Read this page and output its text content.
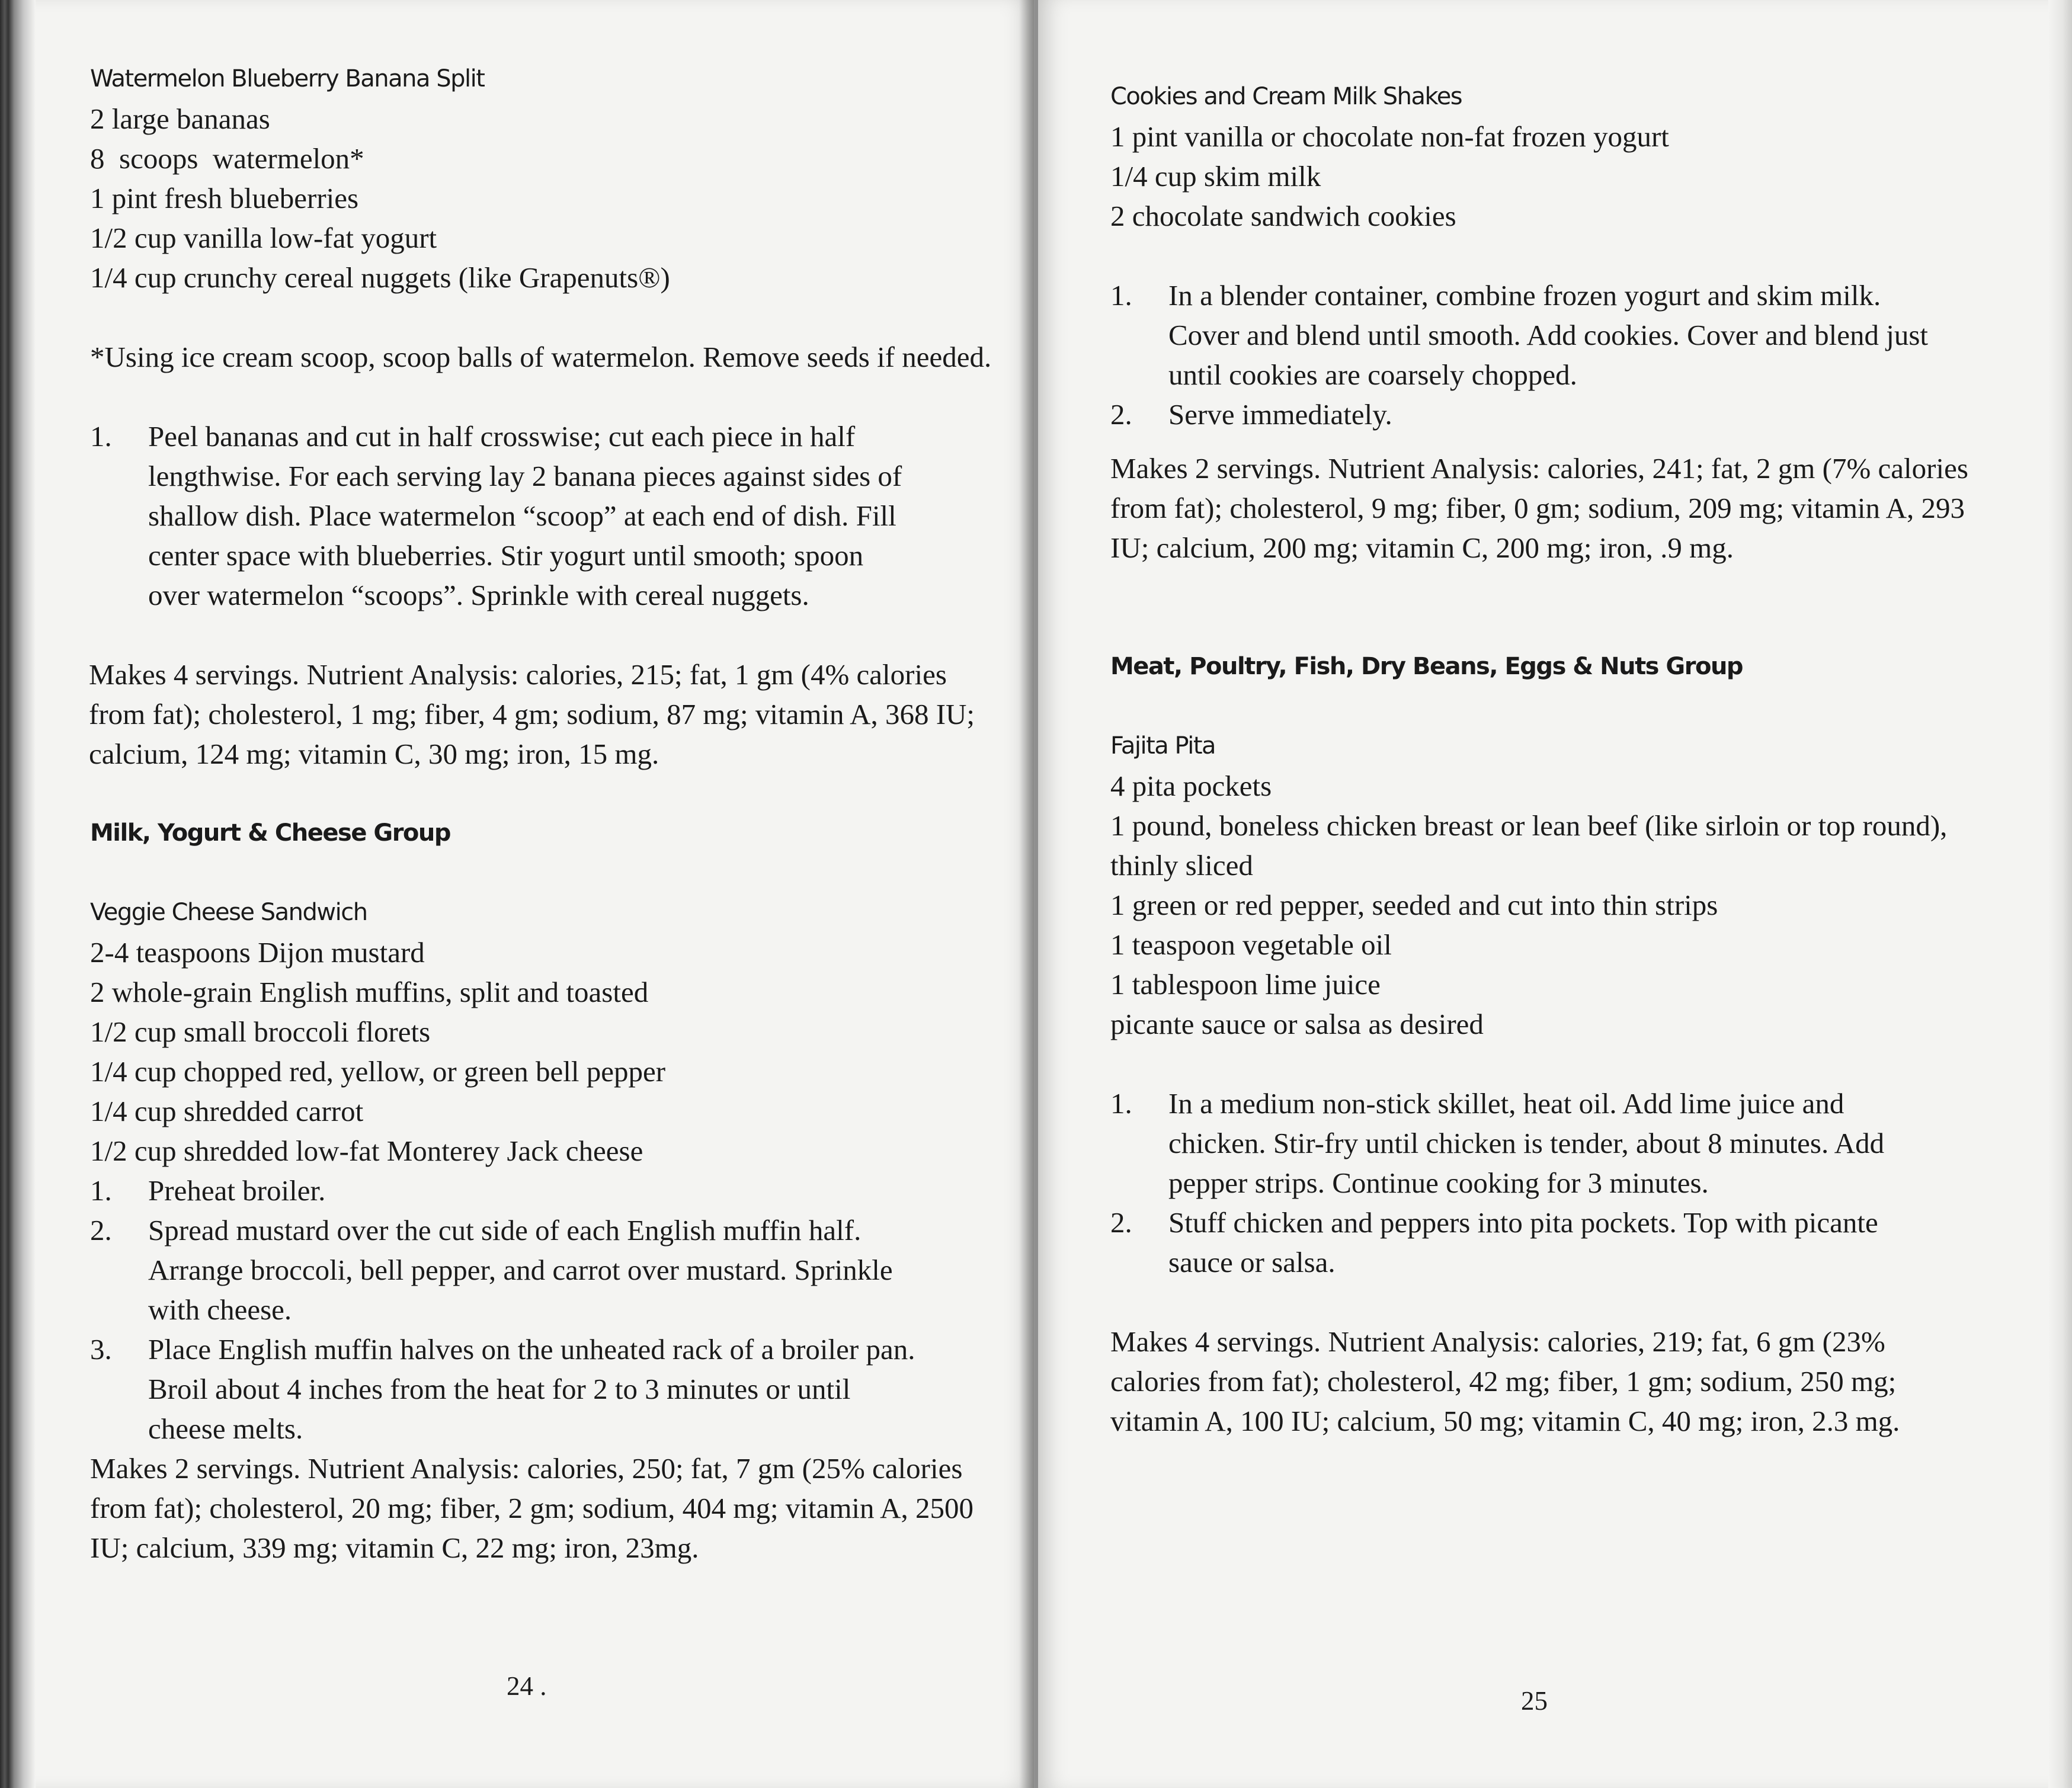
Watermelon Blueberry Banana Split
2 large bananas
8  scoops  watermelon*
1 pint fresh blueberries
1/2 cup vanilla low-fat yogurt
1/4 cup crunchy cereal nuggets (like Grapenuts®)
*Using ice cream scoop, scoop balls of watermelon. Remove seeds if needed.
1. Peel bananas and cut in half crosswise; cut each piece in half lengthwise. For each serving lay 2 banana pieces against sides of shallow dish. Place watermelon “scoop” at each end of dish. Fill center space with blueberries. Stir yogurt until smooth; spoon over watermelon “scoops”. Sprinkle with cereal nuggets.
Makes 4 servings. Nutrient Analysis: calories, 215; fat, 1 gm (4% calories from fat); cholesterol, 1 mg; fiber, 4 gm; sodium, 87 mg; vitamin A, 368 IU; calcium, 124 mg; vitamin C, 30 mg; iron, 15 mg.
Milk, Yogurt & Cheese Group
Veggie Cheese Sandwich
2-4 teaspoons Dijon mustard
2 whole-grain English muffins, split and toasted
1/2 cup small broccoli florets
1/4 cup chopped red, yellow, or green bell pepper
1/4 cup shredded carrot
1/2 cup shredded low-fat Monterey Jack cheese
1. Preheat broiler.
2. Spread mustard over the cut side of each English muffin half. Arrange broccoli, bell pepper, and carrot over mustard. Sprinkle with cheese.
3. Place English muffin halves on the unheated rack of a broiler pan. Broil about 4 inches from the heat for 2 to 3 minutes or until cheese melts.
Makes 2 servings. Nutrient Analysis: calories, 250; fat, 7 gm (25% calories from fat); cholesterol, 20 mg; fiber, 2 gm; sodium, 404 mg; vitamin A, 2500 IU; calcium, 339 mg; vitamin C, 22 mg; iron, 23mg.
24 .
Cookies and Cream Milk Shakes
1 pint vanilla or chocolate non-fat frozen yogurt
1/4 cup skim milk
2 chocolate sandwich cookies
1. In a blender container, combine frozen yogurt and skim milk. Cover and blend until smooth. Add cookies. Cover and blend just until cookies are coarsely chopped.
2. Serve immediately.
Makes 2 servings. Nutrient Analysis: calories, 241; fat, 2 gm (7% calories from fat); cholesterol, 9 mg; fiber, 0 gm; sodium, 209 mg; vitamin A, 293 IU; calcium, 200 mg; vitamin C, 200 mg; iron, .9 mg.
Meat, Poultry, Fish, Dry Beans, Eggs & Nuts Group
Fajita Pita
4 pita pockets
1 pound, boneless chicken breast or lean beef (like sirloin or top round), thinly sliced
1 green or red pepper, seeded and cut into thin strips
1 teaspoon vegetable oil
1 tablespoon lime juice
picante sauce or salsa as desired
1. In a medium non-stick skillet, heat oil. Add lime juice and chicken. Stir-fry until chicken is tender, about 8 minutes. Add pepper strips. Continue cooking for 3 minutes.
2. Stuff chicken and peppers into pita pockets. Top with picante sauce or salsa.
Makes 4 servings. Nutrient Analysis: calories, 219; fat, 6 gm (23% calories from fat); cholesterol, 42 mg; fiber, 1 gm; sodium, 250 mg; vitamin A, 100 IU; calcium, 50 mg; vitamin C, 40 mg; iron, 2.3 mg.
25
